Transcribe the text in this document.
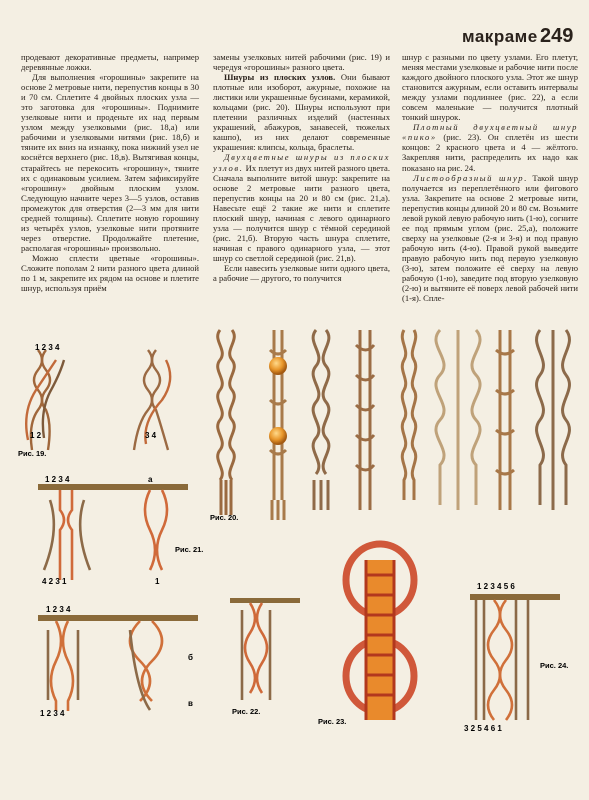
макраме 249

продевают декоративные предметы, например деревянные ложки.

Для выполнения «горошины» закрепите на основе 2 метровые нити, перепустив концы в 30 и 70 см. Сплетите 4 двойных плоских узла — это заготовка для «горошины». Поднимите узелковые нити и проденьте их над первым узлом между узелковыми (рис. 18,а) или рабочими и узелковыми нитями (рис. 18,б) и тяните их вниз на изнанку, пока нижний узел не коснётся верхнего (рис. 18,в). Вытягивая концы, старайтесь не перекосить «горошину», тяните их с одинаковым усилием. Затем зафиксируйте «горошину» двойным плоским узлом. Следующую начните через 3—5 узлов, оставив промежуток для отверстия (2—3 мм для нити средней толщины). Сплетите новую горошину из четырёх узлов, узелковые нити протяните через отверстие. Продолжайте плетение, располагая «горошины» произвольно.

Можно сплести цветные «горошины». Сложите пополам 2 нити разного цвета длиной по 1 м, закрепите их рядом на основе и плетите шнур, используя приём

замены узелковых нитей рабочими (рис. 19) и чередуя «горошины» разного цвета.

Шнуры из плоских узлов. Они бывают плотные или изоборот, ажурные, похожие на листики или украшенные бусинами, керамикой, кольцами (рис. 20). Шнуры используют при плетении различных изделий (настенных украшений, абажуров, занавесей, тюжелых кашпо), из них делают современные украшения: клипсы, кольца, браслеты.

Двухцветные шнуры из плоских узлов. Их плетут из двух нитей разного цвета. Сначала выполните витой шнур: закрепите на основе 2 метровые нити разного цвета, перепустив концы на 20 и 80 см (рис. 21,а). Навесьте ещё 2 такие же нити и сплетите плоский шнур, начиная с левого одинарного узла — получится шнур с тёмной серединой (рис. 21,б). Вторую часть шнура сплетите, начиная с правого одинарного узла, — этот шнур со светлой серединой (рис. 21,в).

Если навесить узелковые нити одного цвета, а рабочие — другого, то получится

шнур с разными по цвету узлами. Его плетут, меняя местами узелковые и рабочие нити после каждого двойного плоского узла. Этот же шнур становится ажурным, если оставить интервалы между узлами подлиннее (рис. 22), а если совсем маленькие — получится плотный тонкий шнурок.

Плотный двухцветный шнур «пико» (рис. 23). Он сплетён из шести концов: 2 красного цвета и 4 — жёлтого. Закрепляя нити, распределить их надо как показано на рис. 24.

Листообразный шнур. Такой шнур получается из переплетённого или фигового узла. Закрепите на основе 2 метровые нити, перепустив концы длиной 20 и 80 см. Возьмите левой рукой левую рабочую нить (1-ю), согните ее под прямым углом (рис. 25,а), положите сверху на узелковые (2-я и 3-я) и под правую рабочую нить (4-ю). Правой рукой выведите правую рабочую нить под первую узелковую (3-ю), затем положите её сверху на левую рабочую (1-ю), заведите под вторую узелковую (2-ю) и вытяните её поверх левой рабочей нити (1-я). Спле-

1 2 3 4
1 2	3 4
Рис. 19.
Рис. 20.
1 2 3 4	а
4 2 3 1	1
Рис. 21.
1 2 3 4
1 2 3 4
б
в
Рис. 22.
Рис. 23.
1 2 3 4 5 6
3 2 5 4 6 1
Рис. 24.
